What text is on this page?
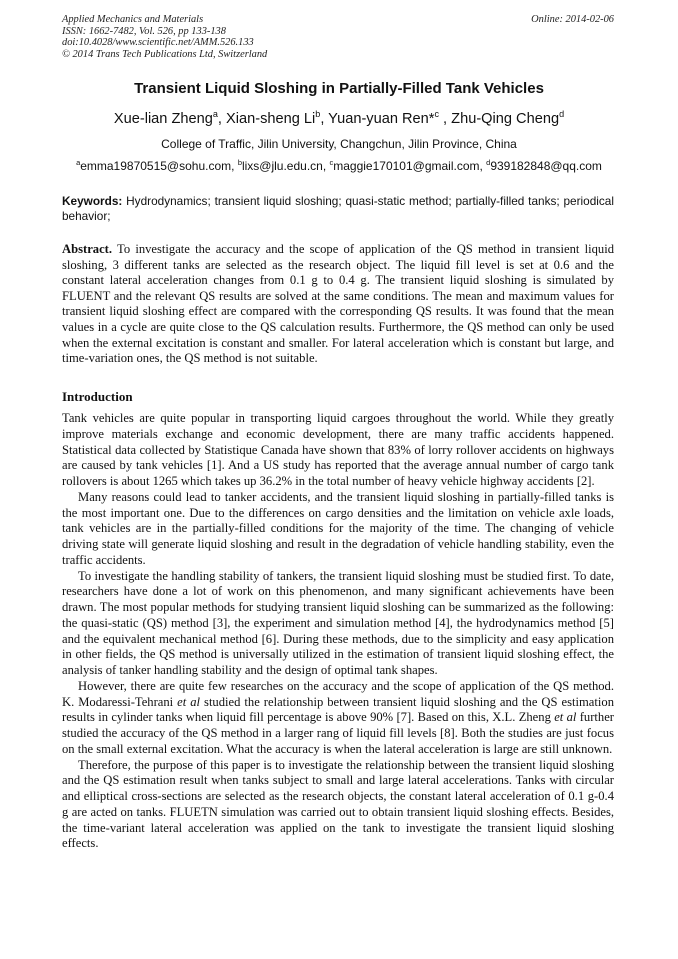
Applied Mechanics and Materials
ISSN: 1662-7482, Vol. 526, pp 133-138
doi:10.4028/www.scientific.net/AMM.526.133
© 2014 Trans Tech Publications Ltd, Switzerland
Online: 2014-02-06
Transient Liquid Sloshing in Partially-Filled Tank Vehicles
Xue-lian Zheng$^a$, Xian-sheng Li$^b$, Yuan-yuan Ren*$^c$ , Zhu-Qing Cheng$^d$
College of Traffic, Jilin University, Changchun, Jilin Province, China
$^a$emma19870515@sohu.com, $^b$lixs@jlu.edu.cn, $^c$maggie170101@gmail.com, $^d$939182848@qq.com
Keywords: Hydrodynamics; transient liquid sloshing; quasi-static method; partially-filled tanks; periodical behavior;
Abstract. To investigate the accuracy and the scope of application of the QS method in transient liquid sloshing, 3 different tanks are selected as the research object. The liquid fill level is set at 0.6 and the constant lateral acceleration changes from 0.1 g to 0.4 g. The transient liquid sloshing is simulated by FLUENT and the relevant QS results are solved at the same conditions. The mean and maximum values for transient liquid sloshing effect are compared with the corresponding QS results. It was found that the mean values in a cycle are quite close to the QS calculation results. Furthermore, the QS method can only be used when the external excitation is constant and smaller. For lateral acceleration which is constant but large, and time-variation ones, the QS method is not suitable.
Introduction

Tank vehicles are quite popular in transporting liquid cargoes throughout the world. While they greatly improve materials exchange and economic development, there are many traffic accidents happened. Statistical data collected by Statistique Canada have shown that 83% of lorry rollover accidents on highways are caused by tank vehicles [1]. And a US study has reported that the average annual number of cargo tank rollovers is about 1265 which takes up 36.2% in the total number of heavy vehicle highway accidents [2].

Many reasons could lead to tanker accidents, and the transient liquid sloshing in partially-filled tanks is the most important one. Due to the differences on cargo densities and the limitation on vehicle axle loads, tank vehicles are in the partially-filled conditions for the majority of the time. The changing of vehicle driving state will generate liquid sloshing and result in the degradation of vehicle handling stability, even the traffic accidents.

To investigate the handling stability of tankers, the transient liquid sloshing must be studied first. To date, researchers have done a lot of work on this phenomenon, and many significant achievements have been drawn. The most popular methods for studying transient liquid sloshing can be summarized as the following: the quasi-static (QS) method [3], the experiment and simulation method [4], the hydrodynamics method [5] and the equivalent mechanical method [6]. During these methods, due to the simplicity and easy application in other fields, the QS method is universally utilized in the estimation of transient liquid sloshing effect, the analysis of tanker handling stability and the design of optimal tank shapes.

However, there are quite few researches on the accuracy and the scope of application of the QS method. K. Modaressi-Tehrani et al studied the relationship between transient liquid sloshing and the QS estimation results in cylinder tanks when liquid fill percentage is above 90% [7]. Based on this, X.L. Zheng et al further studied the accuracy of the QS method in a larger rang of liquid fill levels [8]. Both the studies are just focus on the small external excitation. What the accuracy is when the lateral acceleration is large are still unknown.

Therefore, the purpose of this paper is to investigate the relationship between the transient liquid sloshing and the QS estimation result when tanks subject to small and large lateral accelerations. Tanks with circular and elliptical cross-sections are selected as the research objects, the constant lateral acceleration of 0.1 g-0.4 g are acted on tanks. FLUETN simulation was carried out to obtain transient liquid sloshing effects. Besides, the time-variant lateral acceleration was applied on the tank to investigate the transient liquid sloshing effects.
